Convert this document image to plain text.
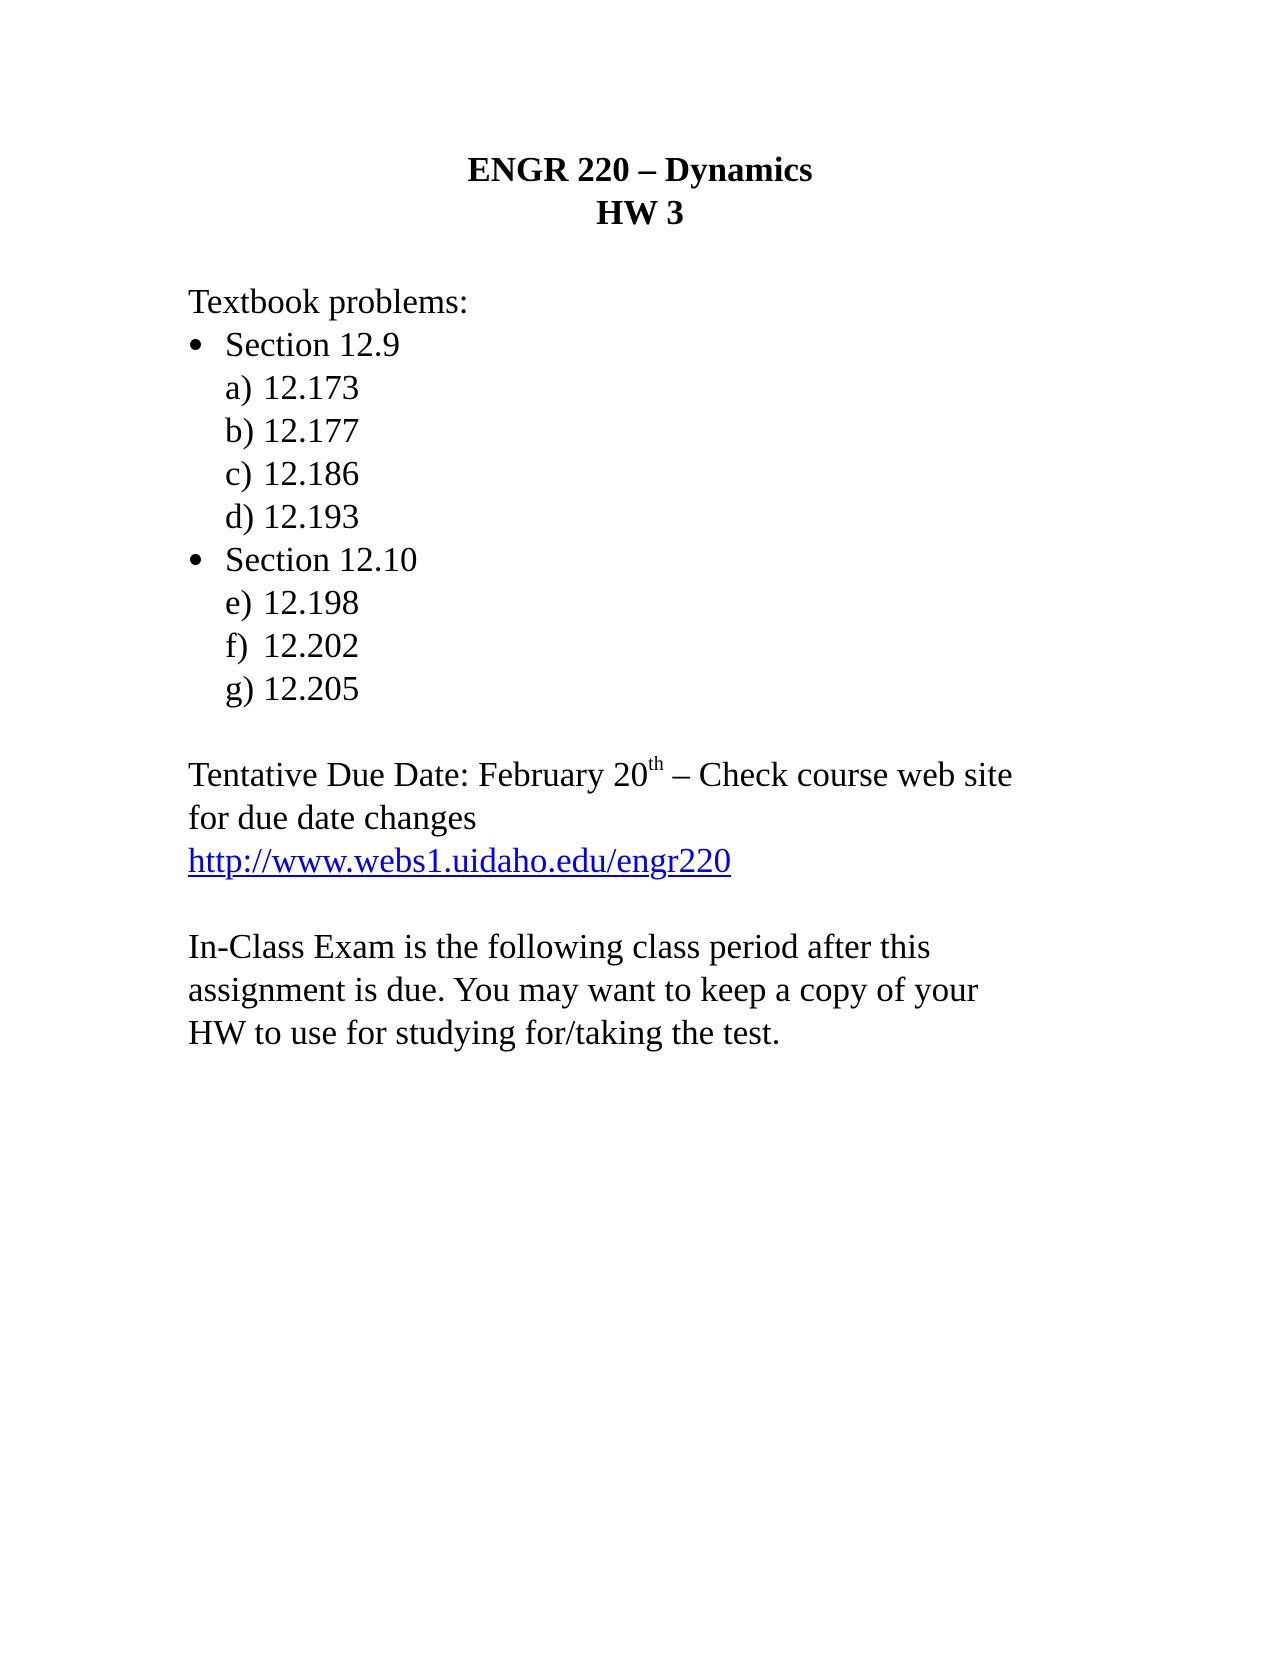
ENGR 220 – Dynamics
HW 3
Textbook problems:
Section 12.9
a) 12.173
b) 12.177
c) 12.186
d) 12.193
Section 12.10
e) 12.198
f) 12.202
g) 12.205
Tentative Due Date: February 20th – Check course web site
for due date changes
http://www.webs1.uidaho.edu/engr220
In-Class Exam is the following class period after this
assignment is due. You may want to keep a copy of your
HW to use for studying for/taking the test.
